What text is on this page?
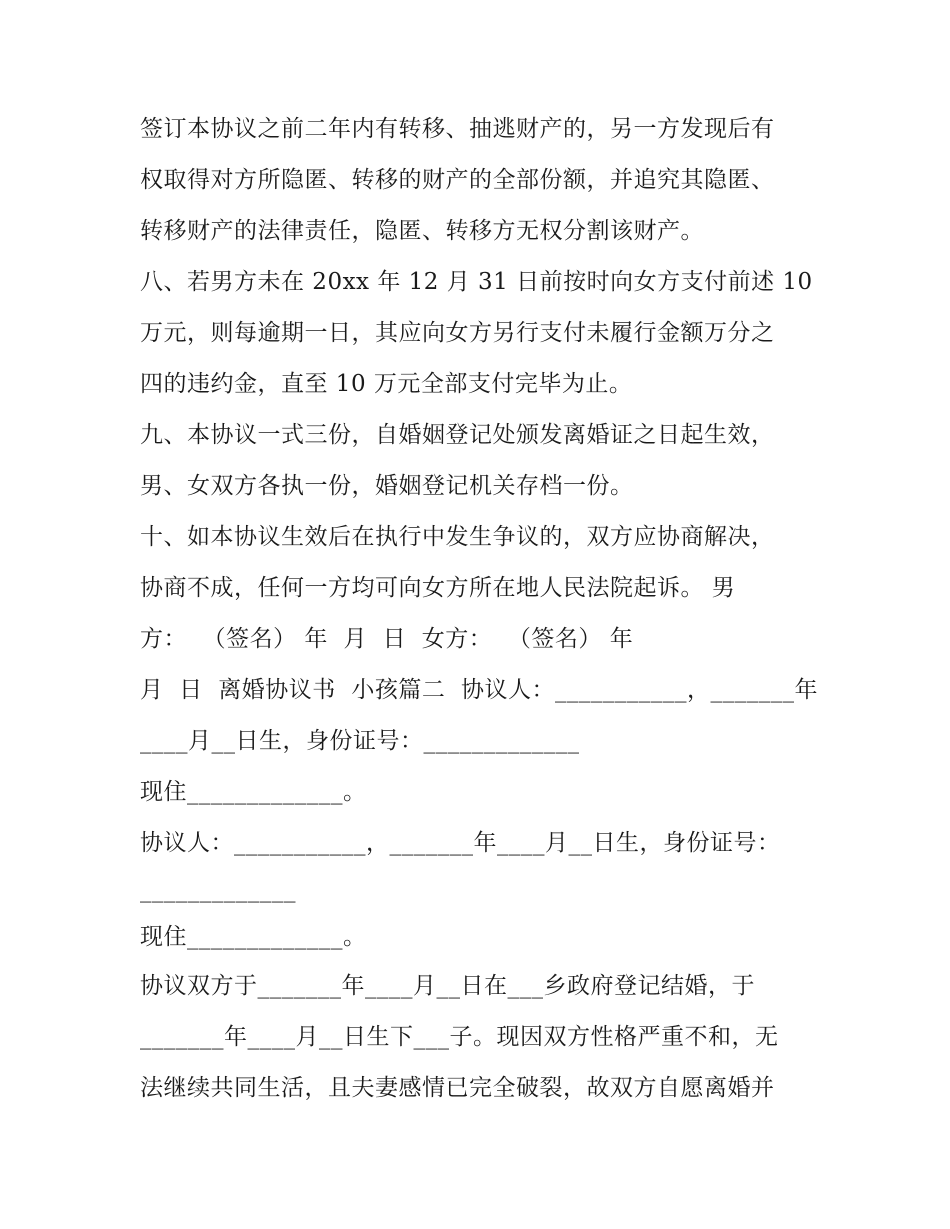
签订本协议之前二年内有转移、抽逃财产的，另一方发现后有
权取得对方所隐匿、转移的财产的全部份额，并追究其隐匿、
转移财产的法律责任，隐匿、转移方无权分割该财产。
八、若男方未在 20xx 年 12 月 31 日前按时向女方支付前述 10
万元，则每逾期一日，其应向女方另行支付未履行金额万分之
四的违约金，直至 10 万元全部支付完毕为止。
九、本协议一式三份，自婚姻登记处颁发离婚证之日起生效，
男、女双方各执一份，婚姻登记机关存档一份。
十、如本协议生效后在执行中发生争议的，双方应协商解决，
协商不成，任何一方均可向女方所在地人民法院起诉。 男
方：  （签名） 年  月  日  女方：  （签名） 年
月  日  离婚协议书  小孩篇二  协议人：___________，_______年
____月__日生，身份证号：_____________
现住_____________。
协议人：___________，_______年____月__日生，身份证号：
_____________
现住_____________。
协议双方于_______年____月__日在___乡政府登记结婚，于
_______年____月__日生下___子。现因双方性格严重不和，无
法继续共同生活，且夫妻感情已完全破裂，故双方自愿离婚并
